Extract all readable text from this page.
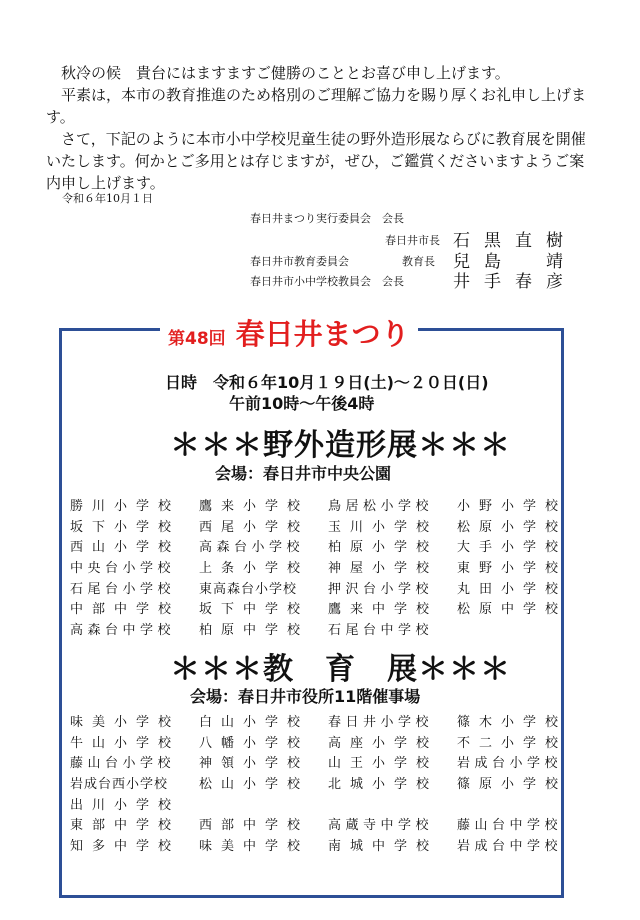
秋冷の候　貴台にはますますご健勝のこととお喜び申し上げます。

平素は，本市の教育推進のため格別のご理解ご協力を賜り厚くお礼申し上げます。

さて，下記のように本市小中学校児童生徒の野外造形展ならびに教育展を開催いたします。何かとご多用とは存じますが，ぜひ，ご鑑賞くださいますようご案内申し上げます。

令和６年10月１日
春日井まつり実行委員会　会長
春日井市長 石黒直樹
春日井市教育委員会	教育長 兒島　靖
春日井市小中学校教員会　会長	井手春彦
第48回 春日井まつり
日時　令和６年10月１９日(土)～２０日(日)
午前10時～午後4時
＊＊＊野外造形展＊＊＊
会場：春日井市中央公園
勝川小学校	鷹来小学校	鳥居松小学校	小野小学校
坂下小学校	西尾小学校	玉川小学校	松原小学校
西山小学校	高森台小学校	柏原小学校	大手小学校
中央台小学校	上条小学校	神屋小学校	東野小学校
石尾台小学校	東高森台小学校	押沢台小学校	丸田小学校
中部中学校	坂下中学校	鷹来中学校	松原中学校
高森台中学校	柏原中学校	石尾台中学校
＊＊＊教　育　展＊＊＊
会場：春日井市役所11階催事場
味美小学校	白山小学校	春日井小学校	篠木小学校
牛山小学校	八幡小学校	高座小学校	不二小学校
藤山台小学校	神領小学校	山王小学校	岩成台小学校
岩成台西小学校	松山小学校	北城小学校	篠原小学校
出川小学校
東部中学校	西部中学校	高蔵寺中学校	藤山台中学校
知多中学校	味美中学校	南城中学校	岩成台中学校
